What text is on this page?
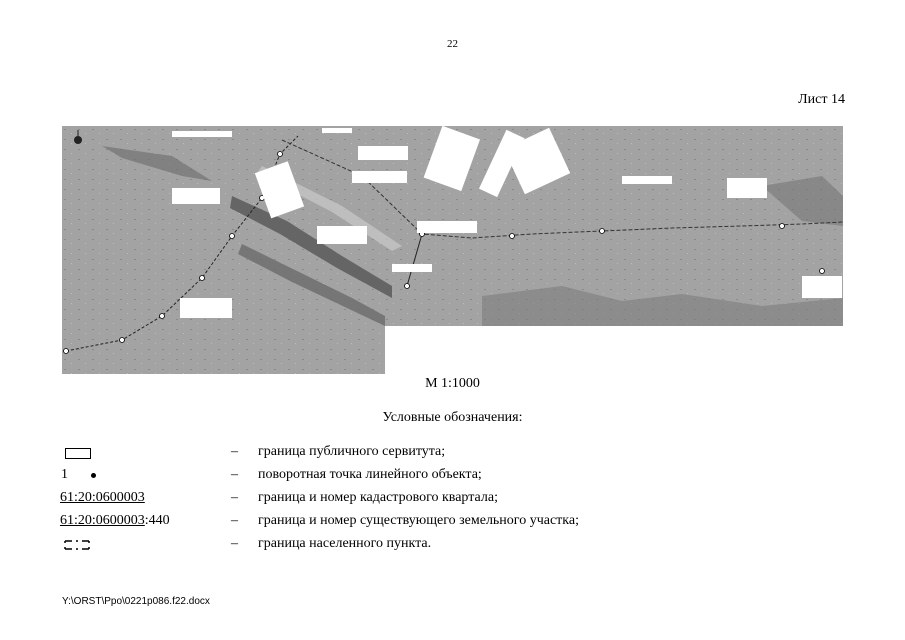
22
Лист 14
М 1:1000
Условные обозначения:
– граница публичного сервитута;
1	– поворотная точка линейного объекта;
61:20:0600003	– граница и номер кадастрового квартала;
61:20:0600003:440	– граница и номер существующего земельного участка;
– граница населенного пункта.
Y:\ORST\Ppo\0221p086.f22.docx
